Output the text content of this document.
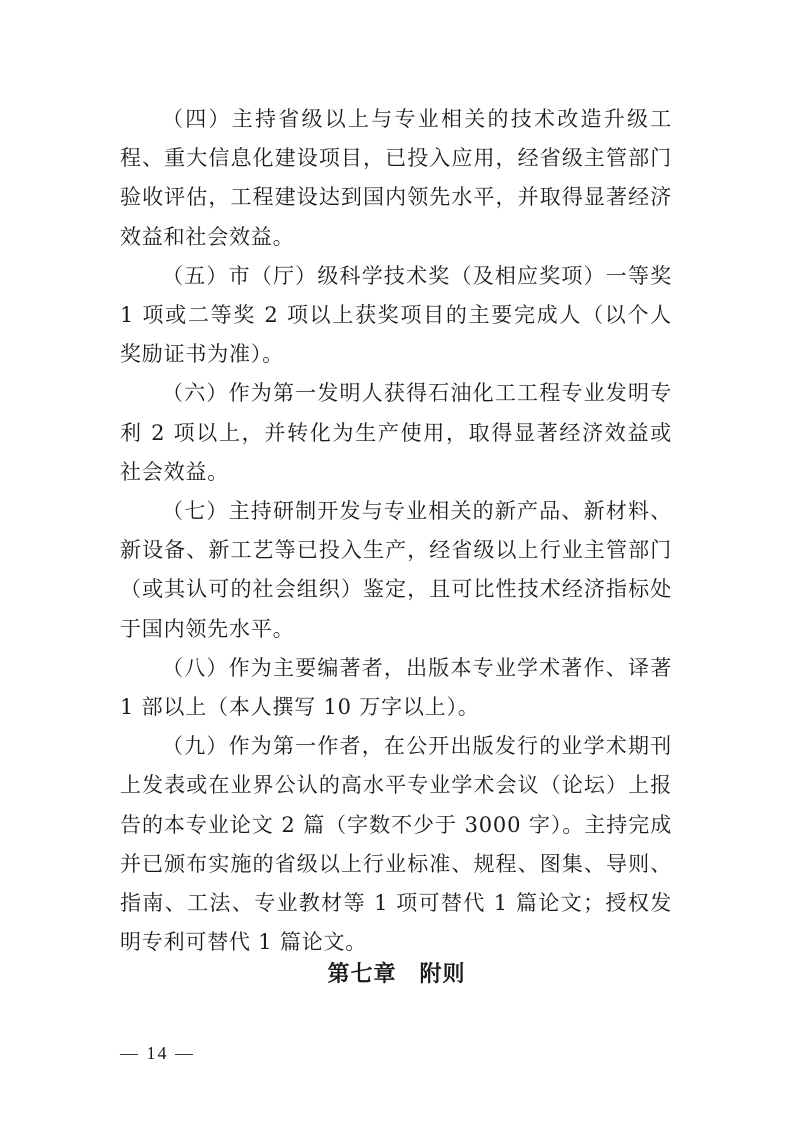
（四）主持省级以上与专业相关的技术改造升级工程、重大信息化建设项目，已投入应用，经省级主管部门验收评估，工程建设达到国内领先水平，并取得显著经济效益和社会效益。

（五）市（厅）级科学技术奖（及相应奖项）一等奖 1 项或二等奖 2 项以上获奖项目的主要完成人（以个人奖励证书为准）。

（六）作为第一发明人获得石油化工工程专业发明专利 2 项以上，并转化为生产使用，取得显著经济效益或社会效益。

（七）主持研制开发与专业相关的新产品、新材料、新设备、新工艺等已投入生产，经省级以上行业主管部门（或其认可的社会组织）鉴定，且可比性技术经济指标处于国内领先水平。

（八）作为主要编著者，出版本专业学术著作、译著 1 部以上（本人撰写 10 万字以上）。

（九）作为第一作者，在公开出版发行的业学术期刊上发表或在业界公认的高水平专业学术会议（论坛）上报告的本专业论文 2 篇（字数不少于 3000 字）。主持完成并已颁布实施的省级以上行业标准、规程、图集、导则、指南、工法、专业教材等 1 项可替代 1 篇论文；授权发明专利可替代 1 篇论文。

第七章　附则
— 14 —
